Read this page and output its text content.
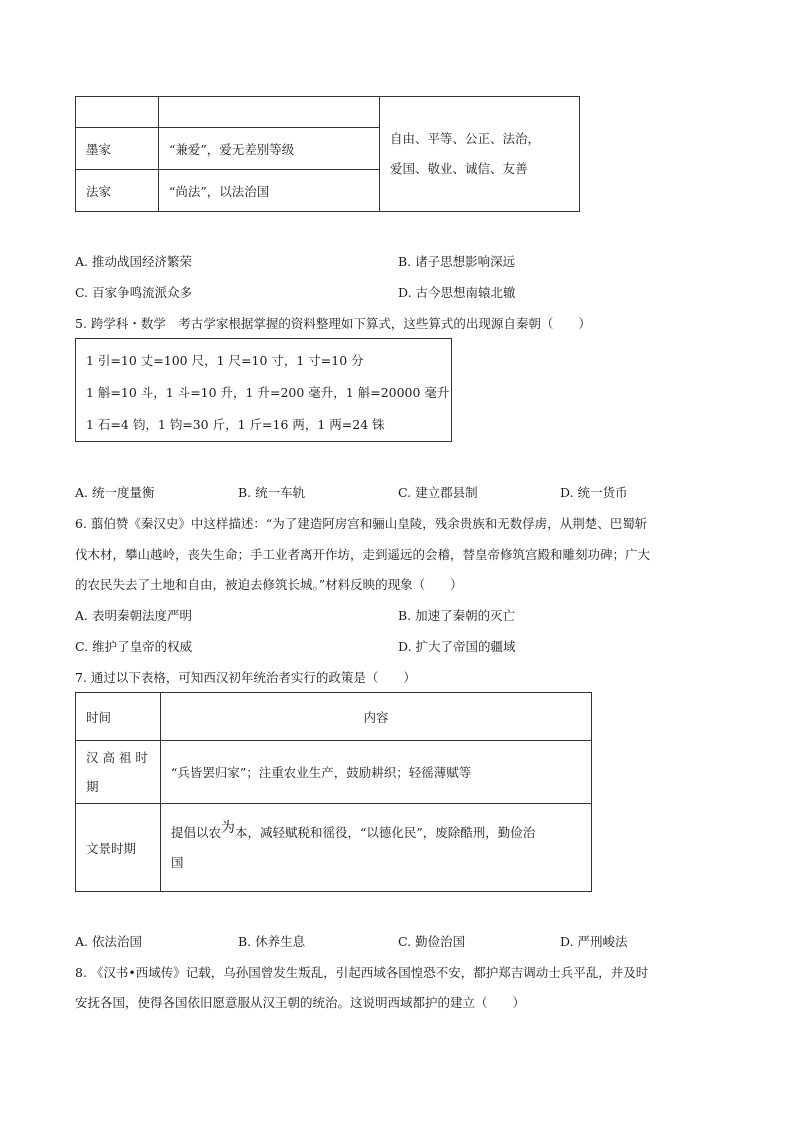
		自由、平等、公正、法治，
爱国、敬业、诚信、友善

墨家	“兼爱”，爱无差别等级	
法家	“尚法”，以法治国	
A. 推动战国经济繁荣	B. 诸子思想影响深远
C. 百家争鸣流派众多	D. 古今思想南辕北辙
5. 跨学科・数学　考古学家根据掌握的资料整理如下算式，这些算式的出现源自秦朝（　　）
1 引=10 丈=100 尺，1 尺=10 寸，1 寸=10 分
1 斛=10 斗，1 斗=10 升，1 升=200 毫升，1 斛=20000 毫升
1 石=4 钧，1 钧=30 斤，1 斤=16 两，1 两=24 铢
A. 统一度量衡	B. 统一车轨	C. 建立郡县制	D. 统一货币
6. 翦伯赞《秦汉史》中这样描述：“为了建造阿房宫和骊山皇陵，残余贵族和无数俘虏，从荆楚、巴蜀斩
伐木材，攀山越岭，丧失生命；手工业者离开作坊，走到遥远的会稽，替皇帝修筑宫殿和雕刻功碑；广大
的农民失去了土地和自由，被迫去修筑长城。”材料反映的现象（　　）
A. 表明秦朝法度严明	B. 加速了秦朝的灭亡
C. 维护了皇帝的权威	D. 扩大了帝国的疆域
7. 通过以下表格，可知西汉初年统治者实行的政策是（　　）
时间	内容

汉 高 祖 时
期	“兵皆罢归家”；注重农业生产，鼓励耕织；轻徭薄赋等
文景时期	提倡以农为本，减轻赋税和徭役，“以德化民”，废除酷刑，勤俭治
国
A. 依法治国	B. 休养生息	C. 勤俭治国	D. 严刑峻法
8. 《汉书•西域传》记载，乌孙国曾发生叛乱，引起西域各国惶恐不安，都护郑吉调动士兵平乱，并及时
安抚各国，使得各国依旧愿意服从汉王朝的统治。这说明西域都护的建立（　　）
